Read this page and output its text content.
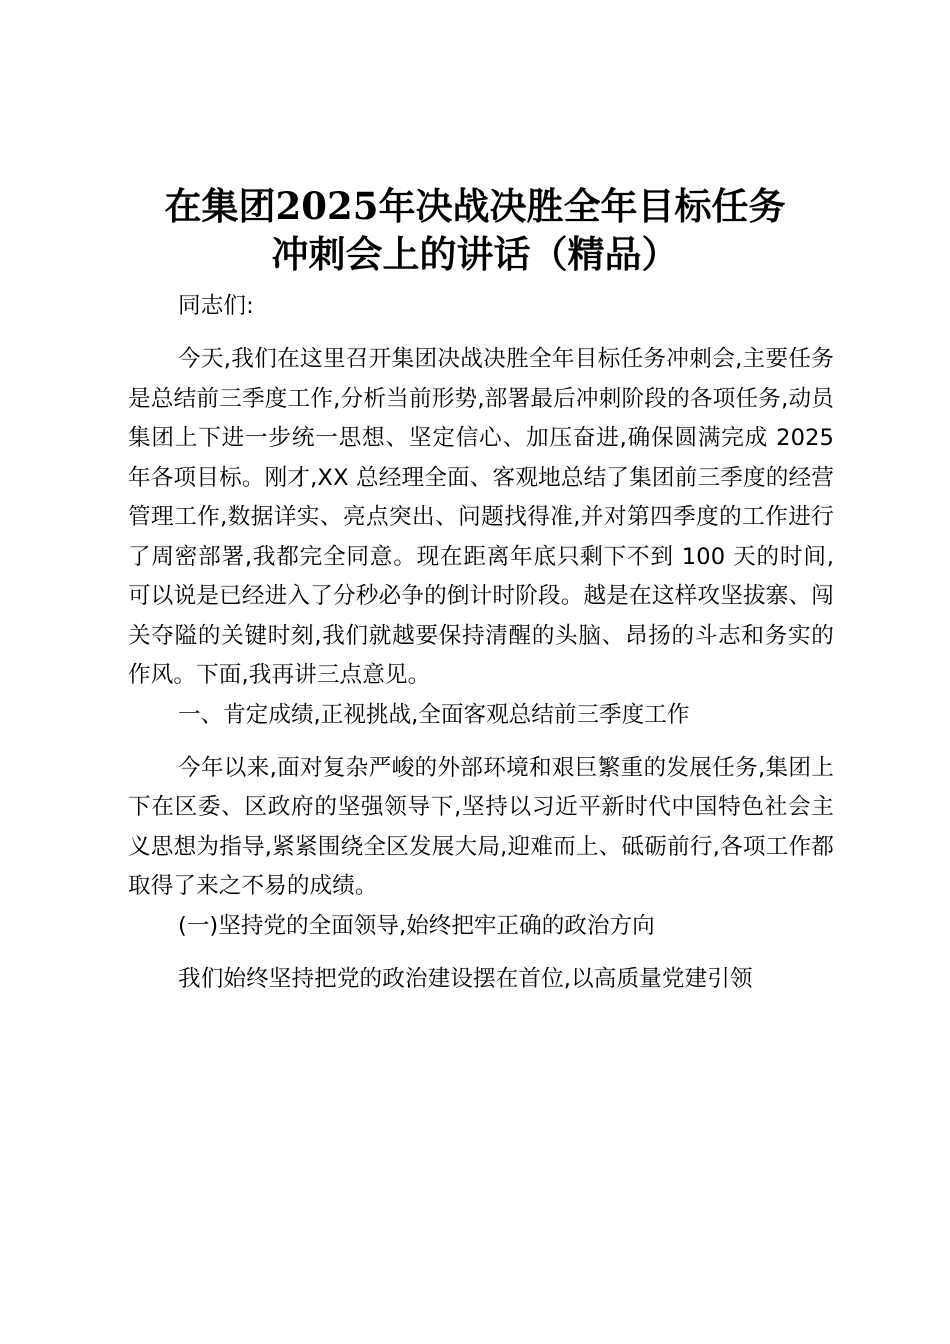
在集团2025年决战决胜全年目标任务
冲刺会上的讲话（精品）

同志们:

今天,我们在这里召开集团决战决胜全年目标任务冲刺会,主要任务是总结前三季度工作,分析当前形势,部署最后冲刺阶段的各项任务,动员集团上下进一步统一思想、坚定信心、加压奋进,确保圆满完成 2025 年各项目标。刚才,XX 总经理全面、客观地总结了集团前三季度的经营管理工作,数据详实、亮点突出、问题找得准,并对第四季度的工作进行了周密部署,我都完全同意。现在距离年底只剩下不到 100 天的时间,可以说是已经进入了分秒必争的倒计时阶段。越是在这样攻坚拔寨、闯关夺隘的关键时刻,我们就越要保持清醒的头脑、昂扬的斗志和务实的作风。下面,我再讲三点意见。

一、肯定成绩,正视挑战,全面客观总结前三季度工作

今年以来,面对复杂严峻的外部环境和艰巨繁重的发展任务,集团上下在区委、区政府的坚强领导下,坚持以习近平新时代中国特色社会主义思想为指导,紧紧围绕全区发展大局,迎难而上、砥砺前行,各项工作都取得了来之不易的成绩。

(一)坚持党的全面领导,始终把牢正确的政治方向

我们始终坚持把党的政治建设摆在首位,以高质量党建引领
